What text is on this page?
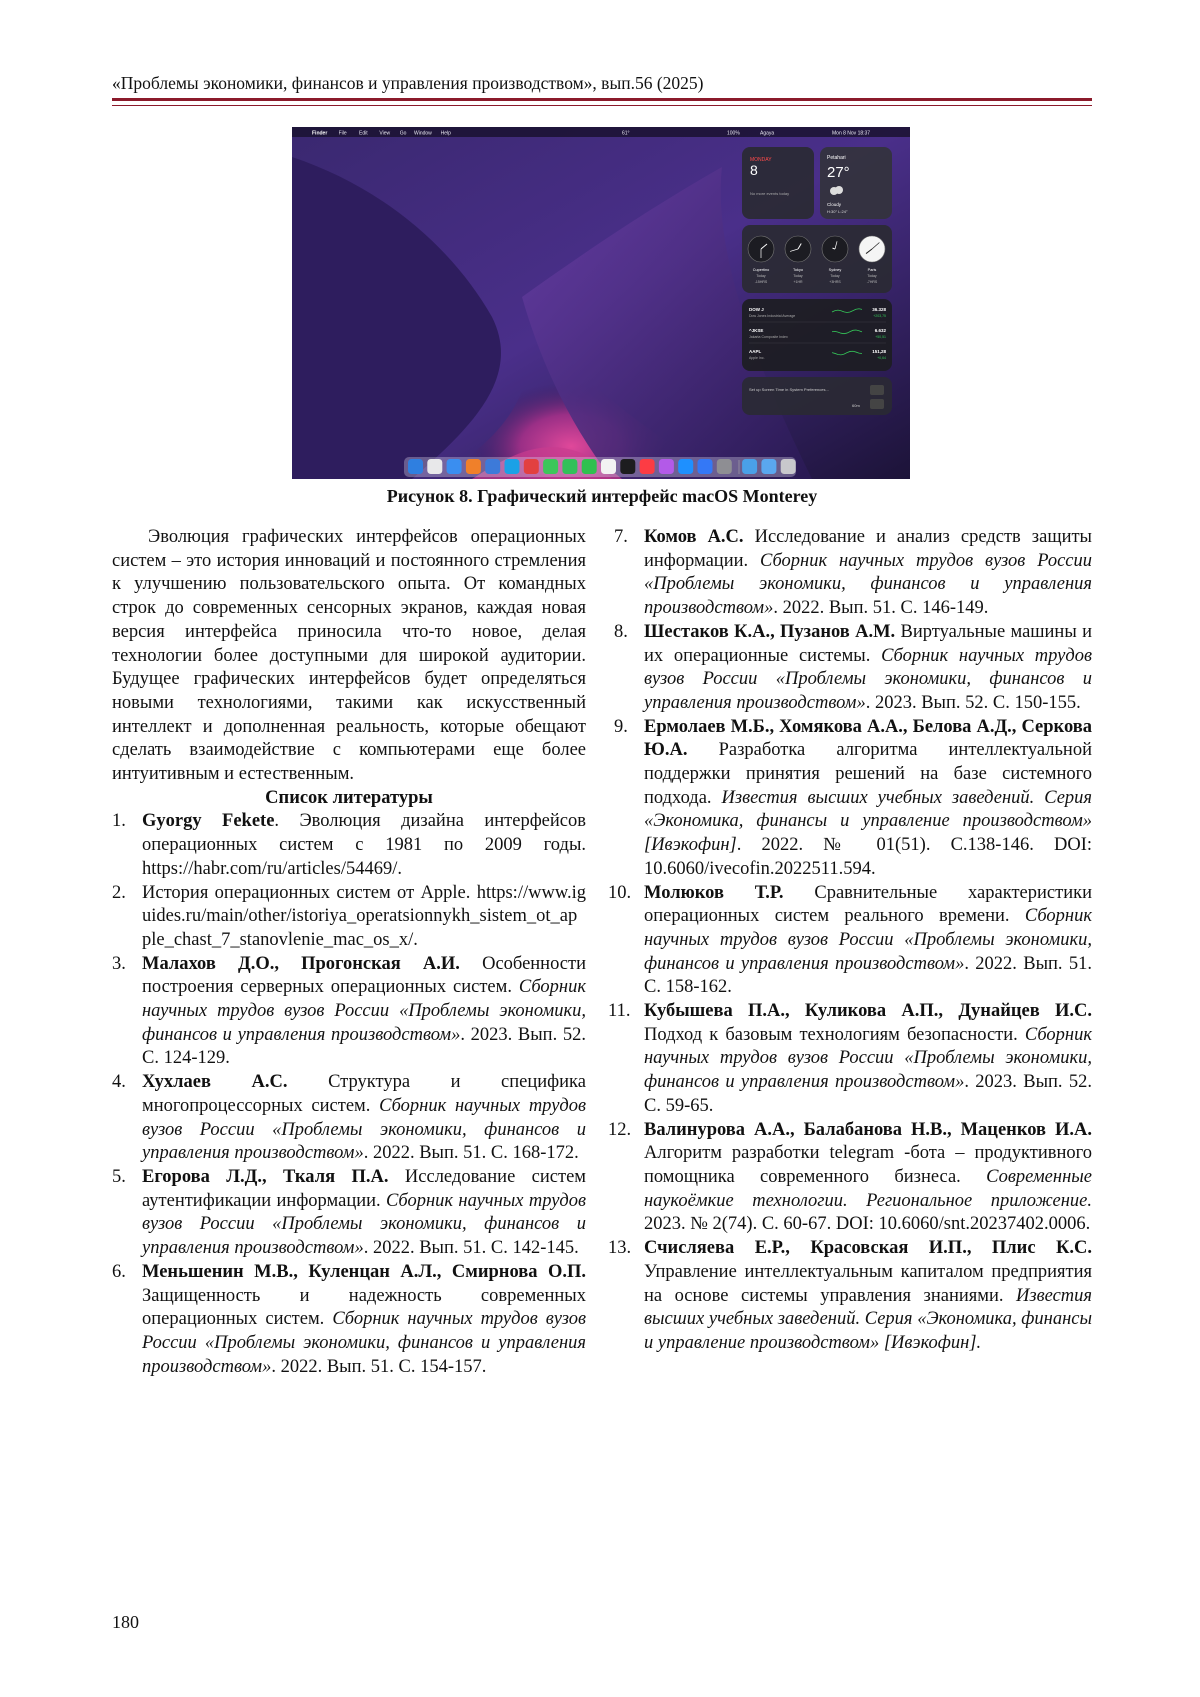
«Проблемы экономики, финансов и управления производством», вып.56 (2025)
Finder File Edit View Go Window Help	61°	100%	Agaya	Mon 8 Nov 18:37
MONDAY
8
No more events today
Petahari
27°
Cloudy
H:30° L:24°
Cupertino
Today
-15HRS
Tokyo
Today
+1HR
Sydney
Today
+3HRS
Paris
Today
-7HRS
DOW J
Dow Jones Industrial Average
36.328
+203,75
^JKSE
Jakarta Composite Index
6.632
+50,51
AAPL
Apple Inc.
151,28
+0,64
Set up Screen Time in System Preferences...
60m
Рисунок 8. Графический интерфейс macOS Monterey

Эволюция графических интерфейсов операционных систем – это история инноваций и постоянного стремления к улучшению пользовательского опыта. От командных строк до современных сенсорных экранов, каждая новая версия интерфейса приносила что-то новое, делая технологии более доступными для широкой аудитории. Будущее графических интерфейсов будет определяться новыми технологиями, такими как искусственный интеллект и дополненная реальность, которые обещают сделать взаимодействие с компьютерами еще более интуитивным и естественным.

Список литературы
1. Gyorgy Fekete. Эволюция дизайна интерфейсов операционных систем с 1981 по 2009 годы. https://habr.com/ru/articles/54469/.
2. История операционных систем от Apple. https://www.iguides.ru/main/other/istoriya_operatsionnykh_sistem_ot_apple_chast_7_stanovlenie_mac_os_x/.
3. Малахов Д.О., Прогонская А.И. Особенности построения серверных операционных систем. Сборник научных трудов вузов России «Проблемы экономики, финансов и управления производством». 2023. Вып. 52. С. 124-129.
4. Хухлаев А.С. Структура и специфика многопроцессорных систем. Сборник научных трудов вузов России «Проблемы экономики, финансов и управления производством». 2022. Вып. 51. С. 168-172.
5. Егорова Л.Д., Ткаля П.А. Исследование систем аутентификации информации. Сборник научных трудов вузов России «Проблемы экономики, финансов и управления производством». 2022. Вып. 51. С. 142-145.
6. Меньшенин М.В., Куленцан А.Л., Смирнова О.П. Защищенность и надежность современных операционных систем. Сборник научных трудов вузов России «Проблемы экономики, финансов и управления производством». 2022. Вып. 51. С. 154-157.
7. Комов А.С. Исследование и анализ средств защиты информации. Сборник научных трудов вузов России «Проблемы экономики, финансов и управления производством». 2022. Вып. 51. С. 146-149.
8. Шестаков К.А., Пузанов А.М. Виртуальные машины и их операционные системы. Сборник научных трудов вузов России «Проблемы экономики, финансов и управления производством». 2023. Вып. 52. С. 150-155.
9. Ермолаев М.Б., Хомякова А.А., Белова А.Д., Серкова Ю.А. Разработка алгоритма интеллектуальной поддержки принятия решений на базе системного подхода. Известия высших учебных заведений. Серия «Экономика, финансы и управление производством» [Ивэкофин]. 2022. № 01(51). С.138-146. DOI: 10.6060/ivecofin.2022511.594.
10. Молюков Т.Р. Сравнительные характеристики операционных систем реального времени. Сборник научных трудов вузов России «Проблемы экономики, финансов и управления производством». 2022. Вып. 51. С. 158-162.
11. Кубышева П.А., Куликова А.П., Дунайцев И.С. Подход к базовым технологиям безопасности. Сборник научных трудов вузов России «Проблемы экономики, финансов и управления производством». 2023. Вып. 52. С. 59-65.
12. Валинурова А.А., Балабанова Н.В., Маценков И.А. Алгоритм разработки telegram -бота – продуктивного помощника современного бизнеса. Современные наукоёмкие технологии. Региональное приложение. 2023. № 2(74). С. 60-67. DOI: 10.6060/snt.20237402.0006.
13. Счисляева Е.Р., Красовская И.П., Плис К.С. Управление интеллектуальным капиталом предприятия на основе системы управления знаниями. Известия высших учебных заведений. Серия «Экономика, финансы и управление производством» [Ивэкофин].
180
